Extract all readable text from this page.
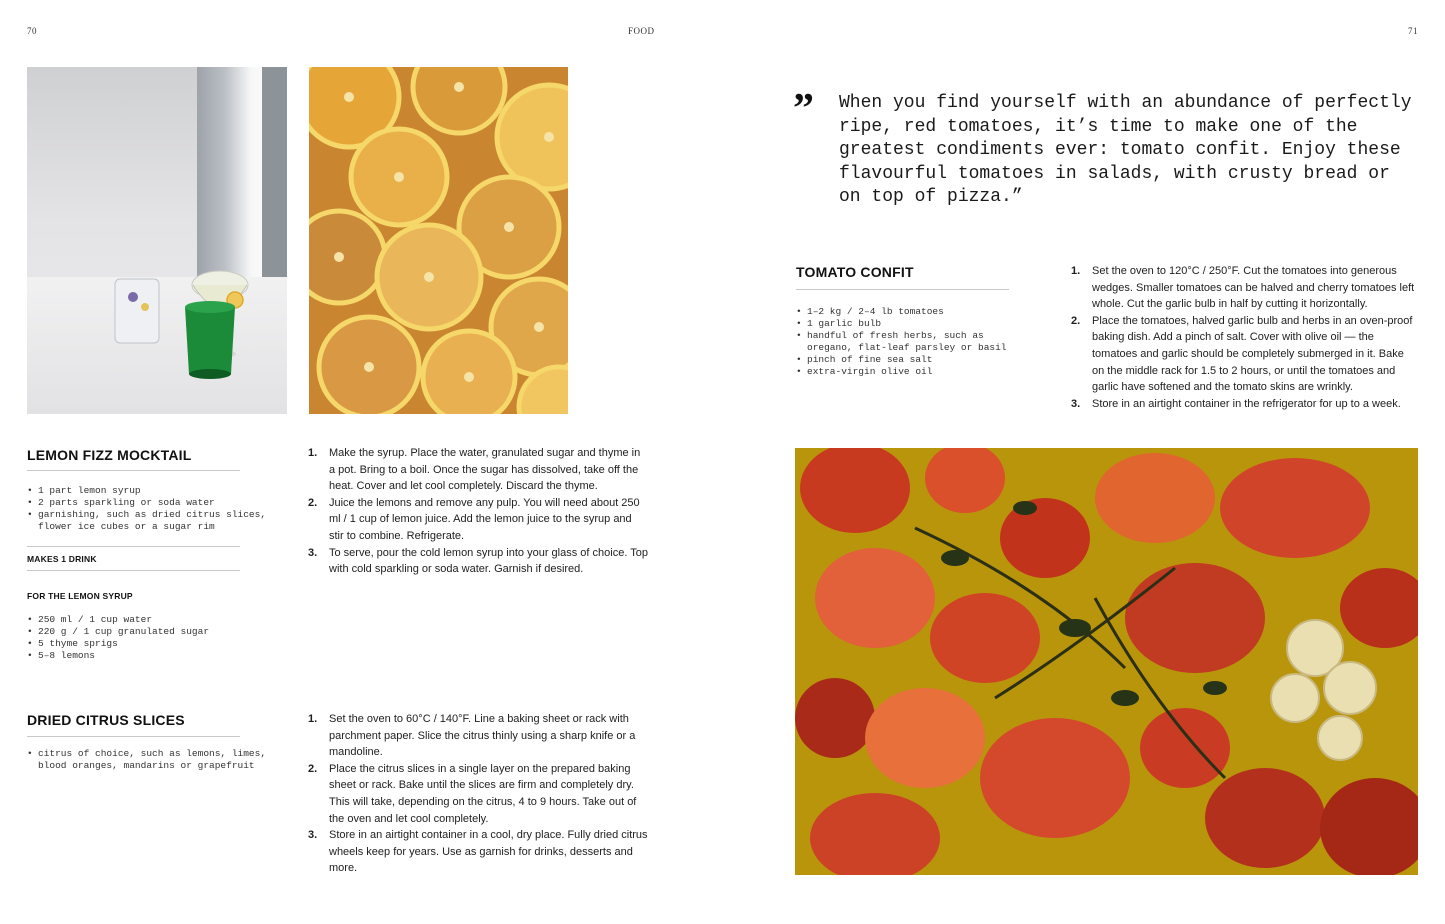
70	FOOD	71
LEMON FIZZ MOCKTAIL
• 1 part lemon syrup
• 2 parts sparkling or soda water
• garnishing, such as dried citrus slices,
flower ice cubes or a sugar rim
MAKES 1 DRINK
FOR THE LEMON SYRUP
• 250 ml / 1 cup water
• 220 g / 1 cup granulated sugar
• 5 thyme sprigs
• 5–8 lemons
1. Make the syrup. Place the water, granulated sugar and thyme in a pot. Bring to a boil. Once the sugar has dissolved, take off the heat. Cover and let cool completely. Discard the thyme.
2. Juice the lemons and remove any pulp. You will need about 250 ml / 1 cup of lemon juice. Add the lemon juice to the syrup and stir to combine. Refrigerate.
3. To serve, pour the cold lemon syrup into your glass of choice. Top with cold sparkling or soda water. Garnish if desired.
DRIED CITRUS SLICES
• citrus of choice, such as lemons, limes,
blood oranges, mandarins or grapefruit
1. Set the oven to 60°C / 140°F. Line a baking sheet or rack with parchment paper. Slice the citrus thinly using a sharp knife or a mandoline.
2. Place the citrus slices in a single layer on the prepared baking sheet or rack. Bake until the slices are firm and completely dry. This will take, depending on the citrus, 4 to 9 hours. Take out of the oven and let cool completely.
3. Store in an airtight container in a cool, dry place. Fully dried citrus wheels keep for years. Use as garnish for drinks, desserts and more.
” When you find yourself with an abundance of perfectly ripe, red tomatoes, it’s time to make one of the greatest condiments ever: tomato confit. Enjoy these flavourful tomatoes in salads, with crusty bread or on top of pizza.”
TOMATO CONFIT
• 1–2 kg / 2–4 lb tomatoes
• 1 garlic bulb
• handful of fresh herbs, such as
oregano, flat-leaf parsley or basil
• pinch of fine sea salt
• extra-virgin olive oil
1. Set the oven to 120°C / 250°F. Cut the tomatoes into generous wedges. Smaller tomatoes can be halved and cherry tomatoes left whole. Cut the garlic bulb in half by cutting it horizontally.
2. Place the tomatoes, halved garlic bulb and herbs in an oven-proof baking dish. Add a pinch of salt. Cover with olive oil — the tomatoes and garlic should be completely submerged in it. Bake on the middle rack for 1.5 to 2 hours, or until the tomatoes and garlic have softened and the tomato skins are wrinkly.
3. Store in an airtight container in the refrigerator for up to a week.
